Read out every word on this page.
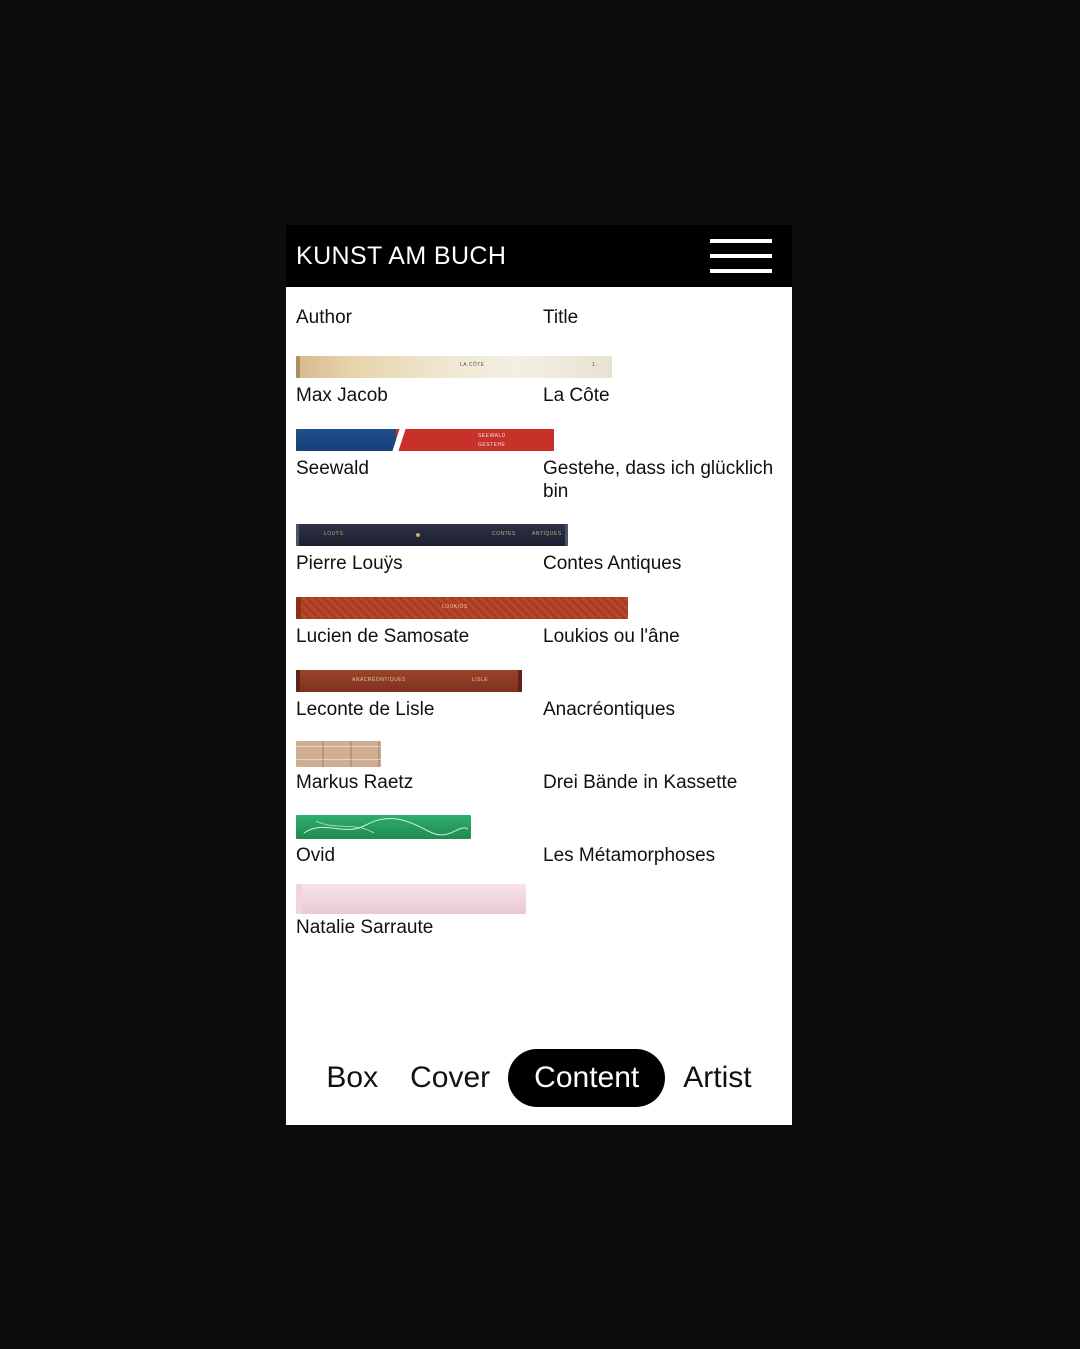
KUNST AM BUCH
Author	Title
LA CÔTE	1.
Max Jacob	La Côte
SEEWALD
GESTEHE
Seewald	Gestehe, dass ich glücklich bin
LOUŸS	CONTES	ANTIQUES
Pierre Louÿs	Contes Antiques
LOUKIOS
Lucien de Samosate	Loukios ou l'âne
ANACRÉONTIQUES	LISLE
Leconte de Lisle	Anacréontiques
Markus Raetz	Drei Bände in Kassette
Ovid	Les Métamorphoses
Natalie Sarraute
Box	Cover	Content	Artist
